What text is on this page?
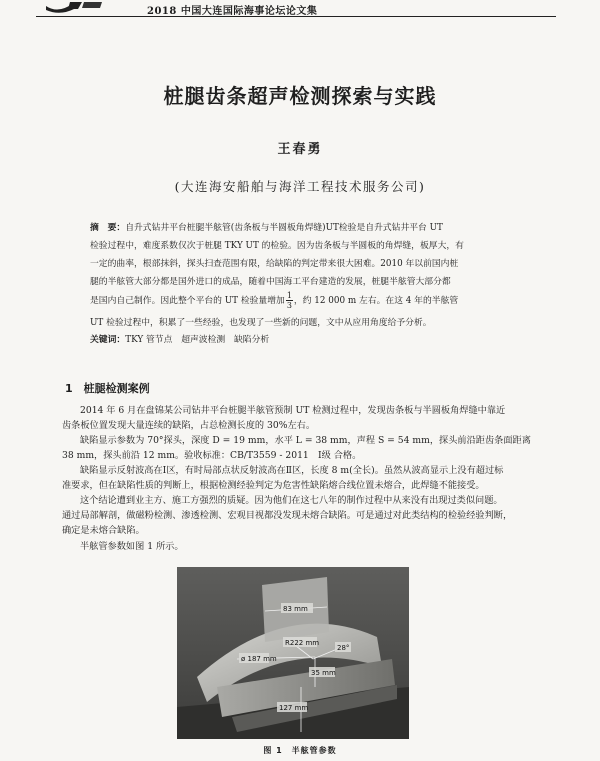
2018 中国大连国际海事论坛论文集
桩腿齿条超声检测探索与实践
王春勇
(大连海安船舶与海洋工程技术服务公司)
摘　要：自升式钻井平台桩腿半舷管(齿条板与半圆板角焊缝)UT检验是自升式钻井平台 UT
检验过程中，难度系数仅次于桩腿 TKY UT 的检验。因为齿条板与半圆板的角焊缝，板厚大，有
一定的曲率，根部抹斜，探头扫查范围有限，给缺陷的判定带来很大困难。2010 年以前国内桩
腿的半舷管大部分都是国外进口的成品，随着中国海工平台建造的发展，桩腿半舷管大部分都
是国内自己制作。因此整个平台的 UT 检验量增加 $\frac{1}{3}$ ，约 12 000 m 左右。在这 4 年的半舷管
UT 检验过程中，积累了一些经验，也发现了一些新的问题，文中从应用角度给予分析。
关键词：TKY 管节点　超声波检测　缺陷分析
1　桩腿检测案例
2014 年 6 月在盘锦某公司钻井平台桩腿半舷管预制 UT 检测过程中，发现齿条板与半圆板角焊缝中靠近
齿条板位置发现大量连续的缺陷，占总检测长度的 30%左右。
缺陷显示参数为 70°探头，深度 D = 19 mm，水平 L = 38 mm，声程 S = 54 mm，探头前沿距齿条面距离
38 mm，探头前沿 12 mm。验收标准：CB/T3559 - 2011　Ⅰ级 合格。
缺陷显示反射波高在Ⅰ区，有时局部点状反射波高在Ⅱ区，长度 8 m(全长)。虽然从波高显示上没有超过标
准要求，但在缺陷性质的判断上，根据检测经验判定为危害性缺陷熔合线位置未熔合，此焊缝不能接受。
这个结论遭到业主方、施工方强烈的质疑。因为他们在这七八年的制作过程中从来没有出现过类似问题。
通过局部解剖，做磁粉检测、渗透检测、宏观目视都没发现未熔合缺陷。可是通过对此类结构的检验经验判断，
确定是未熔合缺陷。
半舷管参数如图 1 所示。
83 mm
R222 mm
28°
ø 187 mm
35 mm
127 mm
图 1　半舷管参数
